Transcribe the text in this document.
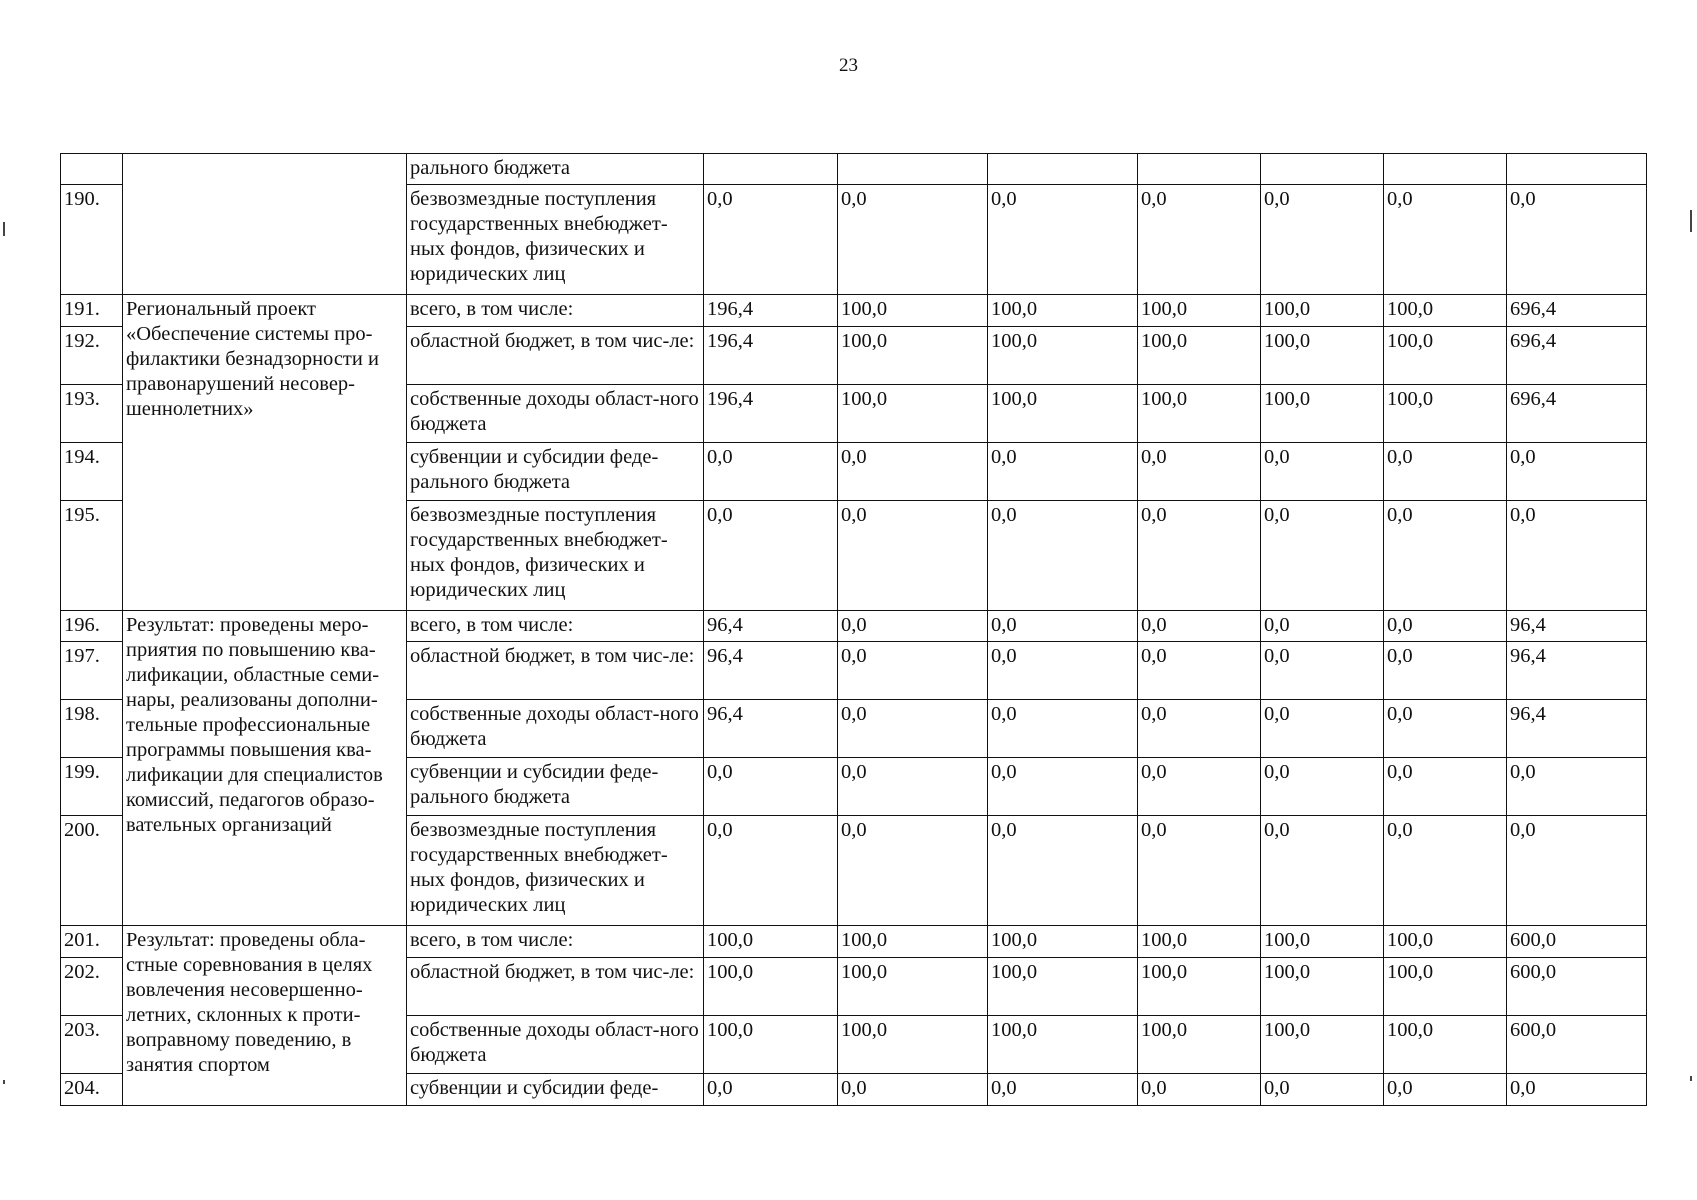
23
		рального бюджета							
190.		безвозмездные поступления государственных внебюджет-ных фондов, физических и юридических лиц	0,0	0,0	0,0	0,0	0,0	0,0	0,0
191.	Региональный проект «Обеспечение системы про-филактики безнадзорности и правонарушений несовер-шеннолетних»	всего, в том числе:	196,4	100,0	100,0	100,0	100,0	100,0	696,4
192.		областной бюджет, в том чис-ле:	196,4	100,0	100,0	100,0	100,0	100,0	696,4
193.		собственные доходы област-ного бюджета	196,4	100,0	100,0	100,0	100,0	100,0	696,4
194.		субвенции и субсидии феде-рального бюджета	0,0	0,0	0,0	0,0	0,0	0,0	0,0
195.		безвозмездные поступления государственных внебюджет-ных фондов, физических и юридических лиц	0,0	0,0	0,0	0,0	0,0	0,0	0,0
196.	Результат: проведены меро-приятия по повышению ква-лификации, областные семи-нары, реализованы дополни-тельные профессиональные программы повышения ква-лификации для специалистов комиссий, педагогов образо-вательных организаций	всего, в том числе:	96,4	0,0	0,0	0,0	0,0	0,0	96,4
197.		областной бюджет, в том чис-ле:	96,4	0,0	0,0	0,0	0,0	0,0	96,4
198.		собственные доходы област-ного бюджета	96,4	0,0	0,0	0,0	0,0	0,0	96,4
199.		субвенции и субсидии феде-рального бюджета	0,0	0,0	0,0	0,0	0,0	0,0	0,0
200.		безвозмездные поступления государственных внебюджет-ных фондов, физических и юридических лиц	0,0	0,0	0,0	0,0	0,0	0,0	0,0
201.	Результат: проведены обла-стные соревнования в целях вовлечения несовершенно-летних, склонных к проти-воправному поведению, в занятия спортом	всего, в том числе:	100,0	100,0	100,0	100,0	100,0	100,0	600,0
202.		областной бюджет, в том чис-ле:	100,0	100,0	100,0	100,0	100,0	100,0	600,0
203.		собственные доходы област-ного бюджета	100,0	100,0	100,0	100,0	100,0	100,0	600,0
204.		субвенции и субсидии феде-	0,0	0,0	0,0	0,0	0,0	0,0	0,0
